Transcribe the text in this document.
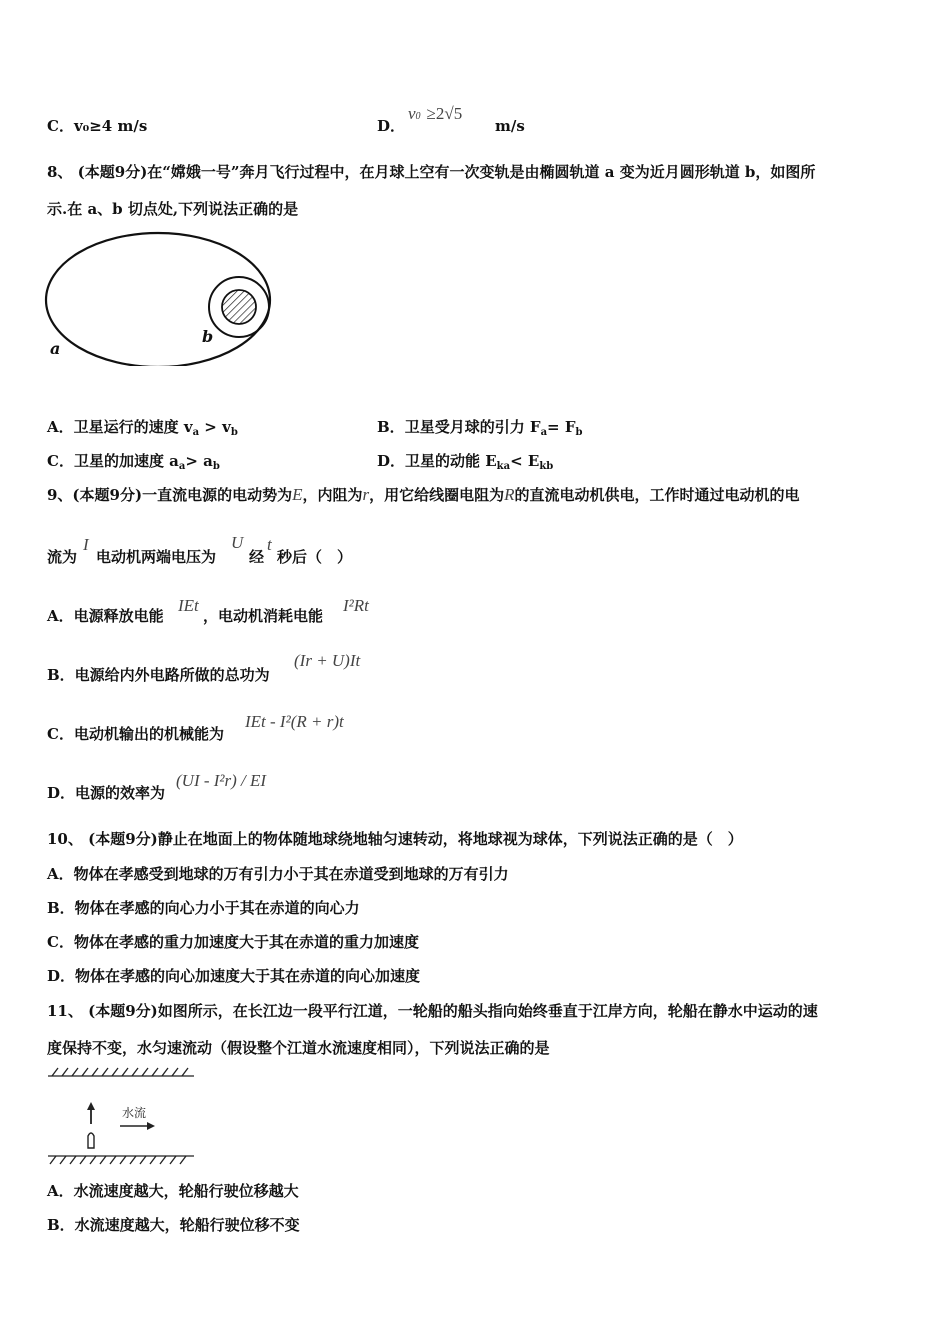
C．v₀≥4 m/s	D．
v0 ≥2√5
m/s
8、 (本题9分)在“嫦娥一号”奔月飞行过程中，在月球上空有一次变轨是由椭圆轨道 a 变为近月圆形轨道 b，如图所
示.在 a、b 切点处,下列说法正确的是
a
b
A．卫星运行的速度 $v_a > v_b$	B．卫星受月球的引力 $F_a= F_b$
C．卫星的加速度 $a_a> a_b$	D．卫星的动能 $E_{ka}< E_{kb}$
9、(本题9分)一直流电源的电动势为E，内阻为r，用它给线圈电阻为R的直流电动机供电，工作时通过电动机的电
流为
I
电动机两端电压为
U
经
t
秒后（　）
A．电源释放电能
IEt
，电动机消耗电能
I²Rt
B．电源给内外电路所做的总功为
(Ir + U)It
C．电动机输出的机械能为
IEt - I²(R + r)t
D．电源的效率为
(UI - I²r) / EI
10、 (本题9分)静止在地面上的物体随地球绕地轴匀速转动，将地球视为球体，下列说法正确的是（　）
A．物体在孝感受到地球的万有引力小于其在赤道受到地球的万有引力
B．物体在孝感的向心力小于其在赤道的向心力
C．物体在孝感的重力加速度大于其在赤道的重力加速度
D．物体在孝感的向心加速度大于其在赤道的向心加速度
11、 (本题9分)如图所示，在长江边一段平行江道，一轮船的船头指向始终垂直于江岸方向，轮船在静水中运动的速
度保持不变，水匀速流动（假设整个江道水流速度相同），下列说法正确的是
水流
A．水流速度越大，轮船行驶位移越大
B．水流速度越大，轮船行驶位移不变
